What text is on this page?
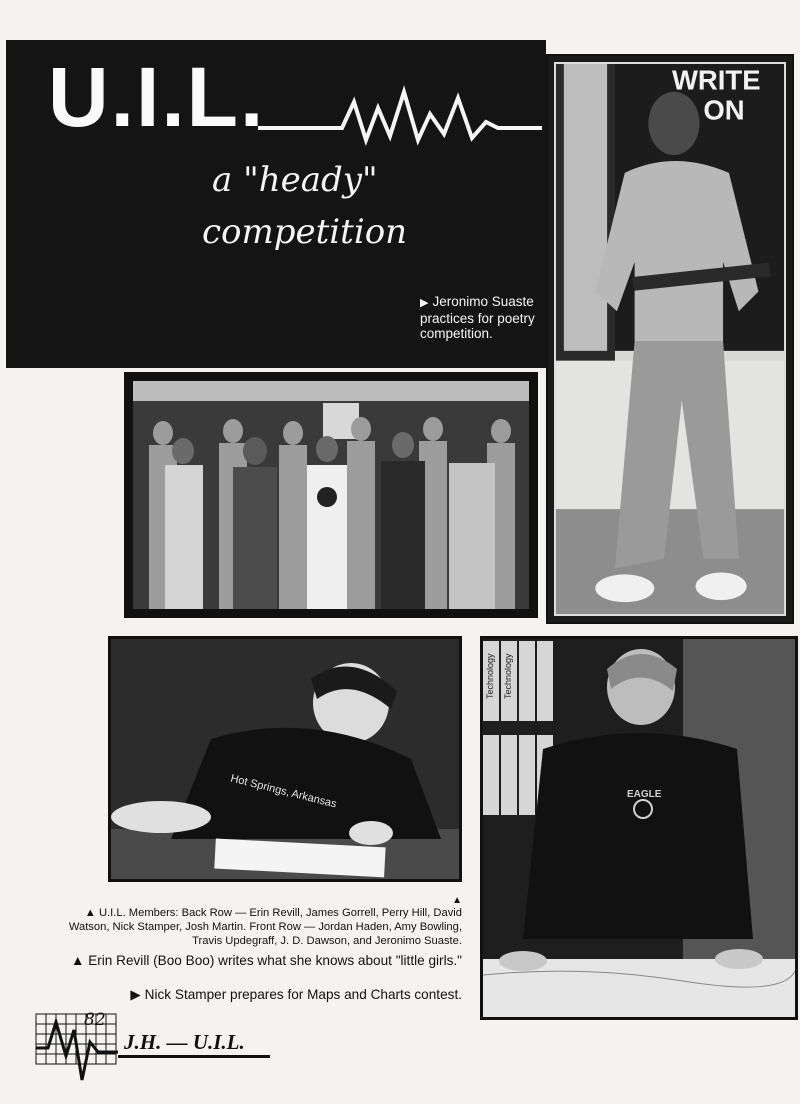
U.I.L.
a "heady"
competition
▶ Jeronimo Suaste practices for poetry competition.
WRITE
ON
Hot Springs, Arkansas
Technology Technology
EAGLE
▲
▲ U.I.L. Members: Back Row — Erin Revill, James Gorrell, Perry Hill, David Watson, Nick Stamper, Josh Martin. Front Row — Jordan Haden, Amy Bowling, Travis Updegraff, J. D. Dawson, and Jeronimo Suaste.
▲ Erin Revill (Boo Boo) writes what she knows about "little girls."
▶ Nick Stamper prepares for Maps and Charts contest.
82
J.H. — U.I.L.
